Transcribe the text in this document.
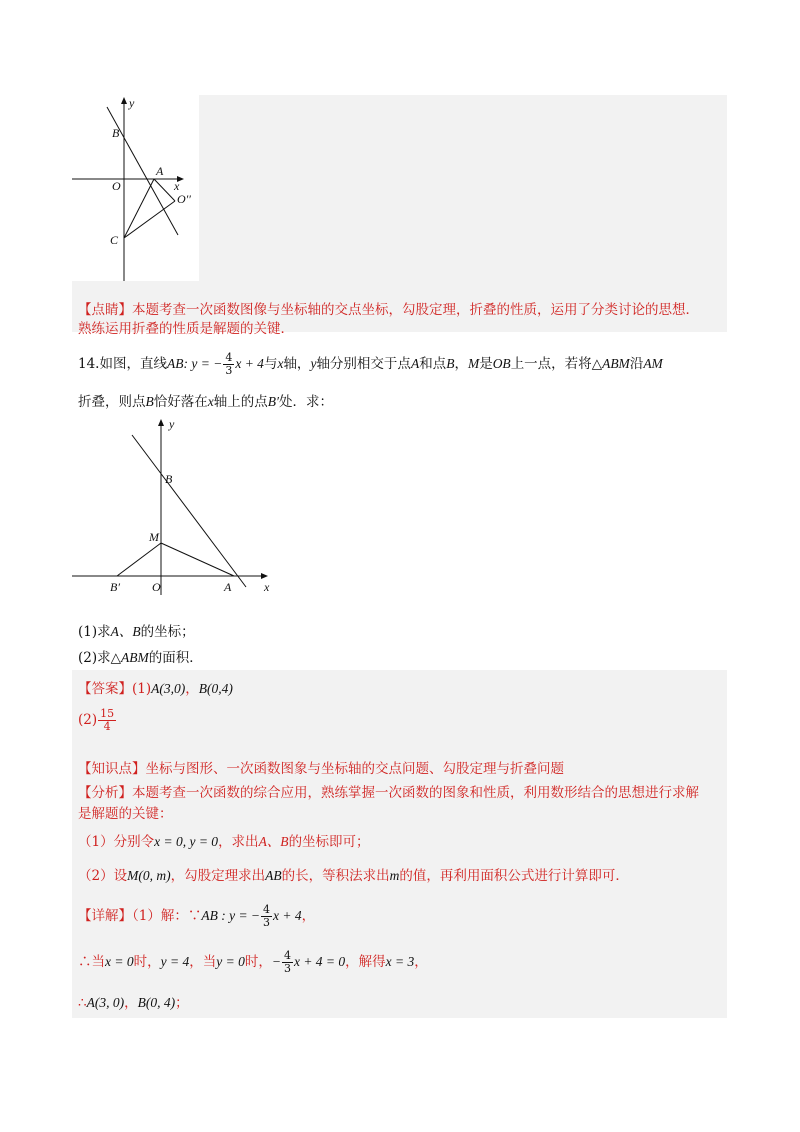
y
B
A
O	x
O′′
C
【点睛】本题考查一次函数图像与坐标轴的交点坐标，勾股定理，折叠的性质，运用了分类讨论的思想．
熟练运用折叠的性质是解题的关键．
14.如图，直线AB: y = − $\frac{4}{3}$ x + 4与x轴，y轴分别相交于点A和点B，M是OB上一点，若将△ABM沿AM
折叠，则点B恰好落在x轴上的点B′处．求：
y
B
M
B′	O	A	x
(1)求A、B的坐标；
(2)求△ABM的面积．
【答案】(1)A(3,0)，B(0,4)
$(2) \frac{15}{4}$
【知识点】坐标与图形、一次函数图象与坐标轴的交点问题、勾股定理与折叠问题
【分析】本题考查一次函数的综合应用，熟练掌握一次函数的图象和性质，利用数形结合的思想进行求解
是解题的关键：
（1）分别令x = 0, y = 0，求出A、B的坐标即可；
（2）设M(0, m)，勾股定理求出AB的长，等积法求出m的值，再利用面积公式进行计算即可．
【详解】（1）解：∵AB : y = − $\frac{4}{3}$ x + 4，
∴当x = 0时，y = 4，当y = 0时，− $\frac{4}{3}$ x + 4 = 0，解得x = 3，
∴A(3, 0)，B(0, 4)；
